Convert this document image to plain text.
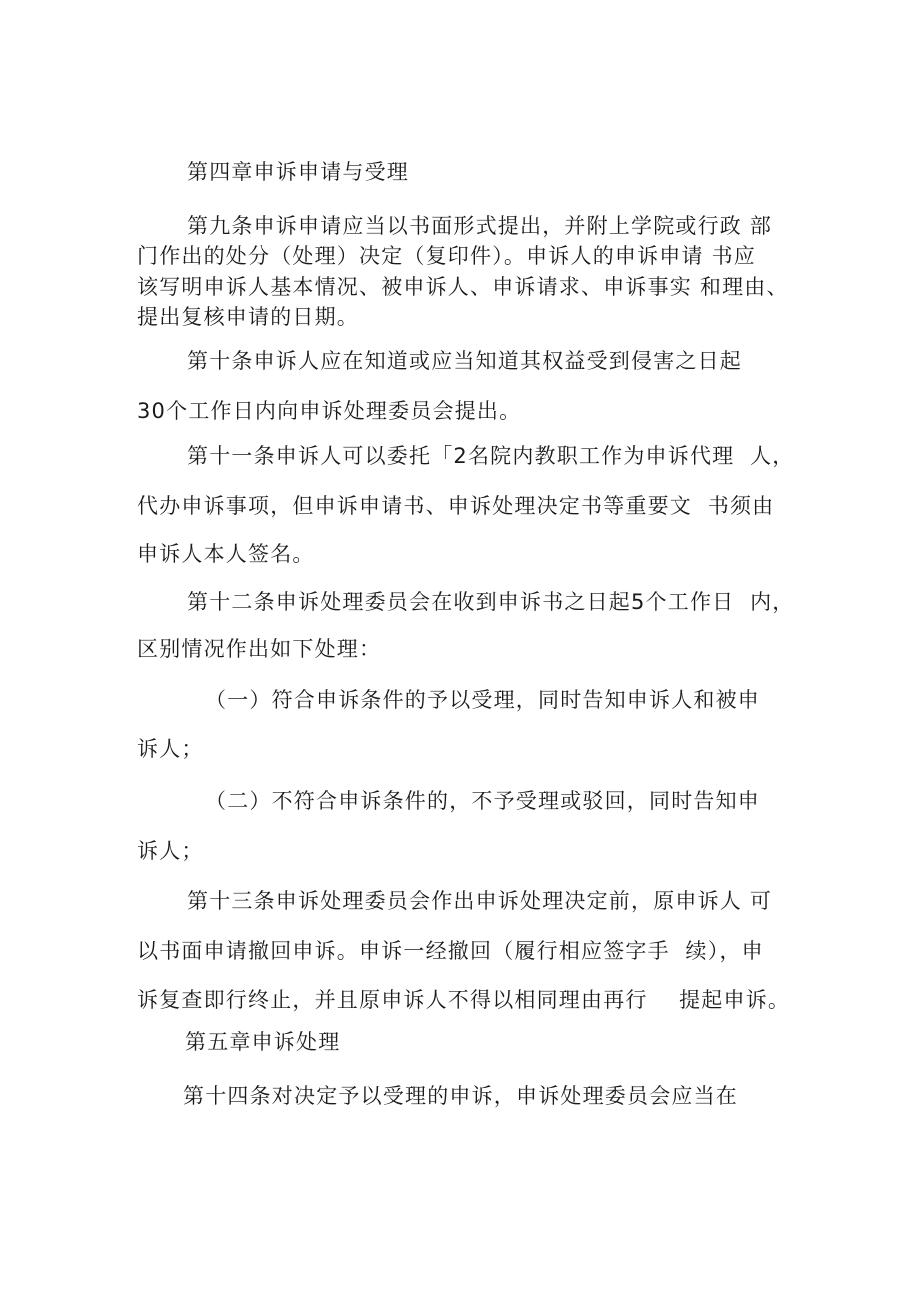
第四章申诉申请与受理
第九条申诉申请应当以书面形式提出，并附上学院或行政 部
门作出的处分（处理）决定（复印件）。申诉人的申诉申请 书应
该写明申诉人基本情况、被申诉人、申诉请求、申诉事实 和理由、
提出复核申请的日期。
第十条申诉人应在知道或应当知道其权益受到侵害之日起
30个工作日内向申诉处理委员会提出。
第十一条申诉人可以委托「2名院内教职工作为申诉代理  人，
代办申诉事项，但申诉申请书、申诉处理决定书等重要文  书须由
申诉人本人签名。
第十二条申诉处理委员会在收到申诉书之日起5个工作日  内，
区别情况作出如下处理：
（一）符合申诉条件的予以受理，同时告知申诉人和被申
诉人；
（二）不符合申诉条件的，不予受理或驳回，同时告知申
诉人；
第十三条申诉处理委员会作出申诉处理决定前，原申诉人 可
以书面申请撤回申诉。申诉一经撤回（履行相应签字手  续），申
诉复查即行终止，并且原申诉人不得以相同理由再行    提起申诉。
第五章申诉处理
第十四条对决定予以受理的申诉，申诉处理委员会应当在
